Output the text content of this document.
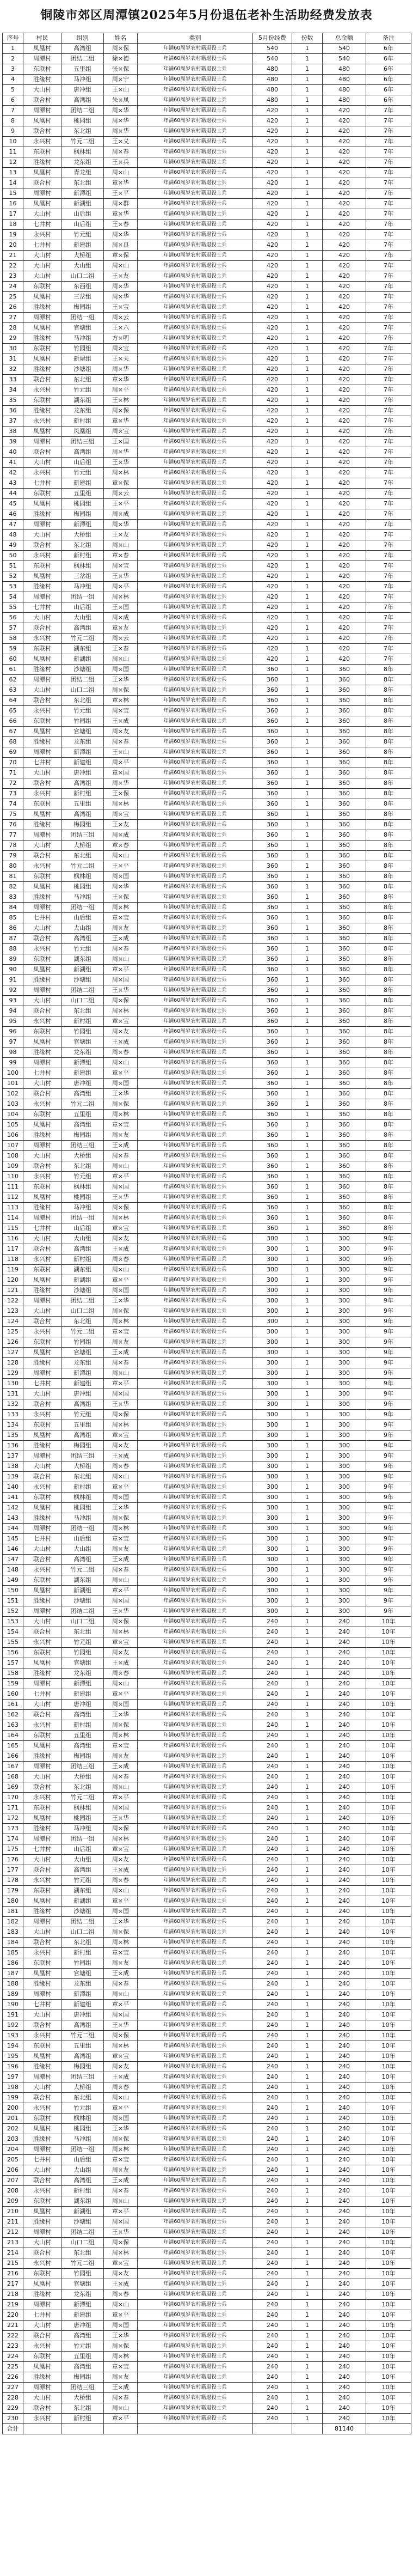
铜陵市郊区周潭镇2025年5月份退伍老补生活助经费发放表
序号	村民	组别	姓名	类别	5月份经费	份数	总金额	备注
1	凤凰村	高湾组	周×保	年满60周岁农村籍退役士兵	540	1	540	6年
2	周潭村	团结二组	徐×德	年满60周岁农村籍退役士兵	540	1	540	6年
3	东联村	五里组	张×保	年满60周岁农村籍退役士兵	480	1	480	6年
4	胜缘村	马冲组	周×宁	年满60周岁农村籍退役士兵	480	1	480	6年
5	大山村	唐冲组	王×山	年满60周岁农村籍退役士兵	480	1	480	6年
6	联合村	高湾组	朱×凤	年满60周岁农村籍退役士兵	480	1	480	6年
7	周潭村	团结二组	周×华	年满60周岁农村籍退役士兵	420	1	420	7年
8	凤凰村	桃园组	周×华	年满60周岁农村籍退役士兵	420	1	420	7年
9	联合村	东北组	周×华	年满60周岁农村籍退役士兵	420	1	420	7年
10	永兴村	竹元二组	王×义	年满60周岁农村籍退役士兵	420	1	420	7年
11	东联村	枫林组	周×春	年满60周岁农村籍退役士兵	420	1	420	7年
12	胜缘村	龙东组	王×兵	年满60周岁农村籍退役士兵	420	1	420	7年
13	凤凰村	青龙组	周×山	年满60周岁农村籍退役士兵	420	1	420	7年
14	联合村	东北组	章×华	年满60周岁农村籍退役士兵	420	1	420	7年
15	周潭村	新潭组	王×平	年满60周岁农村籍退役士兵	420	1	420	7年
16	凤凰村	新湖组	周×群	年满60周岁农村籍退役士兵	420	1	420	7年
17	大山村	山后组	章×华	年满60周岁农村籍退役士兵	420	1	420	7年
18	七井村	山后组	王×春	年满60周岁农村籍退役士兵	420	1	420	7年
19	永兴村	竹元组	周×华	年满60周岁农村籍退役士兵	420	1	420	7年
20	七井村	新建组	周×良	年满60周岁农村籍退役士兵	420	1	420	7年
21	大山村	大桥组	章×保	年满60周岁农村籍退役士兵	420	1	420	7年
22	大山村	大山组	周×山	年满60周岁农村籍退役士兵	420	1	420	7年
23	大山村	山口二组	王×友	年满60周岁农村籍退役士兵	420	1	420	7年
24	东联村	东西组	周×华	年满60周岁农村籍退役士兵	420	1	420	7年
25	凤凰村	三岔组	周×华	年满60周岁农村籍退役士兵	420	1	420	7年
26	胜缘村	梅园组	王×宝	年满60周岁农村籍退役士兵	420	1	420	7年
27	周潭村	团结一组	周×云	年满60周岁农村籍退役士兵	420	1	420	7年
28	凤凰村	官塘组	王×六	年满60周岁农村籍退役士兵	420	1	420	7年
29	胜缘村	马冲组	方×明	年满60周岁农村籍退役士兵	420	1	420	7年
30	东联村	竹园组	周×宝	年满60周岁农村籍退役士兵	420	1	420	7年
31	凤凰村	新屋组	王×夫	年满60周岁农村籍退役士兵	420	1	420	7年
32	胜缘村	沙塘组	周×华	年满60周岁农村籍退役士兵	420	1	420	7年
33	联合村	东北组	章×华	年满60周岁农村籍退役士兵	420	1	420	7年
34	永兴村	竹元组	周×平	年满60周岁农村籍退役士兵	420	1	420	7年
35	东联村	湖东组	王×林	年满60周岁农村籍退役士兵	420	1	420	7年
36	胜缘村	龙东组	周×保	年满60周岁农村籍退役士兵	420	1	420	7年
37	永兴村	新村组	章×华	年满60周岁农村籍退役士兵	420	1	420	7年
38	凤凰村	凤凰组	周×宝	年满60周岁农村籍退役士兵	420	1	420	7年
39	周潭村	团结三组	王×国	年满60周岁农村籍退役士兵	420	1	420	7年
40	联合村	高湾组	周×华	年满60周岁农村籍退役士兵	420	1	420	7年
41	大山村	山后组	王×华	年满60周岁农村籍退役士兵	420	1	420	7年
42	永兴村	竹元组	周×林	年满60周岁农村籍退役士兵	420	1	420	7年
43	七井村	新建组	章×保	年满60周岁农村籍退役士兵	420	1	420	7年
44	东联村	五里组	周×云	年满60周岁农村籍退役士兵	420	1	420	7年
45	凤凰村	桃园组	王×平	年满60周岁农村籍退役士兵	420	1	420	7年
46	胜缘村	梅园组	周×成	年满60周岁农村籍退役士兵	420	1	420	7年
47	周潭村	新潭组	周×华	年满60周岁农村籍退役士兵	420	1	420	7年
48	大山村	大桥组	王×友	年满60周岁农村籍退役士兵	420	1	420	7年
49	联合村	东北组	周×山	年满60周岁农村籍退役士兵	420	1	420	7年
50	永兴村	新村组	章×春	年满60周岁农村籍退役士兵	420	1	420	7年
51	东联村	枫林组	周×宝	年满60周岁农村籍退役士兵	420	1	420	7年
52	凤凰村	三岔组	王×华	年满60周岁农村籍退役士兵	420	1	420	7年
53	胜缘村	马冲组	周×平	年满60周岁农村籍退役士兵	420	1	420	7年
54	周潭村	团结一组	周×林	年满60周岁农村籍退役士兵	420	1	420	7年
55	七井村	山后组	王×国	年满60周岁农村籍退役士兵	420	1	420	7年
56	大山村	大山组	周×成	年满60周岁农村籍退役士兵	420	1	420	7年
57	联合村	高湾组	章×友	年满60周岁农村籍退役士兵	420	1	420	7年
58	永兴村	竹元二组	周×云	年满60周岁农村籍退役士兵	420	1	420	7年
59	东联村	湖东组	王×春	年满60周岁农村籍退役士兵	420	1	420	7年
60	凤凰村	新湖组	周×山	年满60周岁农村籍退役士兵	420	1	420	7年
61	胜缘村	沙塘组	周×国	年满60周岁农村籍退役士兵	360	1	360	8年
62	周潭村	团结二组	王×华	年满60周岁农村籍退役士兵	360	1	360	8年
63	大山村	山口二组	周×保	年满60周岁农村籍退役士兵	360	1	360	8年
64	联合村	东北组	章×林	年满60周岁农村籍退役士兵	360	1	360	8年
65	永兴村	竹元组	周×宝	年满60周岁农村籍退役士兵	360	1	360	8年
66	东联村	竹园组	王×成	年满60周岁农村籍退役士兵	360	1	360	8年
67	凤凰村	官塘组	周×友	年满60周岁农村籍退役士兵	360	1	360	8年
68	胜缘村	龙东组	周×春	年满60周岁农村籍退役士兵	360	1	360	8年
69	周潭村	新潭组	王×山	年满60周岁农村籍退役士兵	360	1	360	8年
70	七井村	新建组	周×平	年满60周岁农村籍退役士兵	360	1	360	8年
71	大山村	唐冲组	章×国	年满60周岁农村籍退役士兵	360	1	360	8年
72	联合村	高湾组	周×华	年满60周岁农村籍退役士兵	360	1	360	8年
73	永兴村	新村组	王×保	年满60周岁农村籍退役士兵	360	1	360	8年
74	东联村	五里组	周×林	年满60周岁农村籍退役士兵	360	1	360	8年
75	凤凰村	高湾组	周×宝	年满60周岁农村籍退役士兵	360	1	360	8年
76	胜缘村	梅园组	王×友	年满60周岁农村籍退役士兵	360	1	360	8年
77	周潭村	团结三组	周×成	年满60周岁农村籍退役士兵	360	1	360	8年
78	大山村	大桥组	章×春	年满60周岁农村籍退役士兵	360	1	360	8年
79	联合村	东北组	周×山	年满60周岁农村籍退役士兵	360	1	360	8年
80	永兴村	竹元二组	王×平	年满60周岁农村籍退役士兵	360	1	360	8年
81	东联村	枫林组	周×国	年满60周岁农村籍退役士兵	360	1	360	8年
82	凤凰村	桃园组	周×华	年满60周岁农村籍退役士兵	360	1	360	8年
83	胜缘村	马冲组	王×保	年满60周岁农村籍退役士兵	360	1	360	8年
84	周潭村	团结一组	周×林	年满60周岁农村籍退役士兵	360	1	360	8年
85	七井村	山后组	章×宝	年满60周岁农村籍退役士兵	360	1	360	8年
86	大山村	大山组	周×友	年满60周岁农村籍退役士兵	360	1	360	8年
87	联合村	高湾组	王×成	年满60周岁农村籍退役士兵	360	1	360	8年
88	永兴村	竹元组	周×春	年满60周岁农村籍退役士兵	360	1	360	8年
89	东联村	湖东组	周×山	年满60周岁农村籍退役士兵	360	1	360	8年
90	凤凰村	新湖组	章×平	年满60周岁农村籍退役士兵	360	1	360	8年
91	胜缘村	沙塘组	周×国	年满60周岁农村籍退役士兵	360	1	360	8年
92	周潭村	团结二组	王×华	年满60周岁农村籍退役士兵	360	1	360	8年
93	大山村	山口二组	周×保	年满60周岁农村籍退役士兵	360	1	360	8年
94	联合村	东北组	周×林	年满60周岁农村籍退役士兵	360	1	360	8年
95	永兴村	新村组	章×宝	年满60周岁农村籍退役士兵	360	1	360	8年
96	东联村	竹园组	周×友	年满60周岁农村籍退役士兵	360	1	360	8年
97	凤凰村	官塘组	王×成	年满60周岁农村籍退役士兵	360	1	360	8年
98	胜缘村	龙东组	周×春	年满60周岁农村籍退役士兵	360	1	360	8年
99	周潭村	新潭组	周×山	年满60周岁农村籍退役士兵	360	1	360	8年
100	七井村	新建组	章×平	年满60周岁农村籍退役士兵	360	1	360	8年
101	大山村	唐冲组	周×国	年满60周岁农村籍退役士兵	360	1	360	8年
102	联合村	高湾组	王×华	年满60周岁农村籍退役士兵	360	1	360	8年
103	永兴村	竹元二组	周×保	年满60周岁农村籍退役士兵	360	1	360	8年
104	东联村	五里组	周×林	年满60周岁农村籍退役士兵	360	1	360	8年
105	凤凰村	高湾组	章×宝	年满60周岁农村籍退役士兵	360	1	360	8年
106	胜缘村	梅园组	周×友	年满60周岁农村籍退役士兵	360	1	360	8年
107	周潭村	团结三组	王×成	年满60周岁农村籍退役士兵	360	1	360	8年
108	大山村	大桥组	周×春	年满60周岁农村籍退役士兵	360	1	360	8年
109	联合村	东北组	周×山	年满60周岁农村籍退役士兵	360	1	360	8年
110	永兴村	竹元组	章×平	年满60周岁农村籍退役士兵	360	1	360	8年
111	东联村	枫林组	周×国	年满60周岁农村籍退役士兵	360	1	360	8年
112	凤凰村	桃园组	王×华	年满60周岁农村籍退役士兵	360	1	360	8年
113	胜缘村	马冲组	周×保	年满60周岁农村籍退役士兵	360	1	360	8年
114	周潭村	团结一组	周×林	年满60周岁农村籍退役士兵	360	1	360	8年
115	七井村	山后组	章×宝	年满60周岁农村籍退役士兵	360	1	360	8年
116	大山村	大山组	周×友	年满60周岁农村籍退役士兵	300	1	300	9年
117	联合村	高湾组	王×成	年满60周岁农村籍退役士兵	300	1	300	9年
118	永兴村	新村组	周×春	年满60周岁农村籍退役士兵	300	1	300	9年
119	东联村	湖东组	周×山	年满60周岁农村籍退役士兵	300	1	300	9年
120	凤凰村	新湖组	章×平	年满60周岁农村籍退役士兵	300	1	300	9年
121	胜缘村	沙塘组	周×国	年满60周岁农村籍退役士兵	300	1	300	9年
122	周潭村	团结二组	王×华	年满60周岁农村籍退役士兵	300	1	300	9年
123	大山村	山口二组	周×保	年满60周岁农村籍退役士兵	300	1	300	9年
124	联合村	东北组	周×林	年满60周岁农村籍退役士兵	300	1	300	9年
125	永兴村	竹元二组	章×宝	年满60周岁农村籍退役士兵	300	1	300	9年
126	东联村	竹园组	周×友	年满60周岁农村籍退役士兵	300	1	300	9年
127	凤凰村	官塘组	王×成	年满60周岁农村籍退役士兵	300	1	300	9年
128	胜缘村	龙东组	周×春	年满60周岁农村籍退役士兵	300	1	300	9年
129	周潭村	新潭组	周×山	年满60周岁农村籍退役士兵	300	1	300	9年
130	七井村	新建组	章×平	年满60周岁农村籍退役士兵	300	1	300	9年
131	大山村	唐冲组	周×国	年满60周岁农村籍退役士兵	300	1	300	9年
132	联合村	高湾组	王×华	年满60周岁农村籍退役士兵	300	1	300	9年
133	永兴村	竹元组	周×保	年满60周岁农村籍退役士兵	300	1	300	9年
134	东联村	五里组	周×林	年满60周岁农村籍退役士兵	300	1	300	9年
135	凤凰村	高湾组	章×宝	年满60周岁农村籍退役士兵	300	1	300	9年
136	胜缘村	梅园组	周×友	年满60周岁农村籍退役士兵	300	1	300	9年
137	周潭村	团结三组	王×成	年满60周岁农村籍退役士兵	300	1	300	9年
138	大山村	大桥组	周×春	年满60周岁农村籍退役士兵	300	1	300	9年
139	联合村	东北组	周×山	年满60周岁农村籍退役士兵	300	1	300	9年
140	永兴村	新村组	章×平	年满60周岁农村籍退役士兵	300	1	300	9年
141	东联村	枫林组	周×国	年满60周岁农村籍退役士兵	300	1	300	9年
142	凤凰村	桃园组	王×华	年满60周岁农村籍退役士兵	300	1	300	9年
143	胜缘村	马冲组	周×保	年满60周岁农村籍退役士兵	300	1	300	9年
144	周潭村	团结一组	周×林	年满60周岁农村籍退役士兵	300	1	300	9年
145	七井村	山后组	章×宝	年满60周岁农村籍退役士兵	300	1	300	9年
146	大山村	大山组	周×友	年满60周岁农村籍退役士兵	300	1	300	9年
147	联合村	高湾组	王×成	年满60周岁农村籍退役士兵	300	1	300	9年
148	永兴村	竹元二组	周×春	年满60周岁农村籍退役士兵	300	1	300	9年
149	东联村	湖东组	周×山	年满60周岁农村籍退役士兵	300	1	300	9年
150	凤凰村	新湖组	章×平	年满60周岁农村籍退役士兵	300	1	300	9年
151	胜缘村	沙塘组	周×国	年满60周岁农村籍退役士兵	300	1	300	9年
152	周潭村	团结二组	王×华	年满60周岁农村籍退役士兵	300	1	300	9年
153	大山村	山口二组	周×保	年满60周岁农村籍退役士兵	240	1	240	10年
154	联合村	东北组	周×林	年满60周岁农村籍退役士兵	240	1	240	10年
155	永兴村	竹元组	章×宝	年满60周岁农村籍退役士兵	240	1	240	10年
156	东联村	竹园组	周×友	年满60周岁农村籍退役士兵	240	1	240	10年
157	凤凰村	官塘组	王×成	年满60周岁农村籍退役士兵	240	1	240	10年
158	胜缘村	龙东组	周×春	年满60周岁农村籍退役士兵	240	1	240	10年
159	周潭村	新潭组	周×山	年满60周岁农村籍退役士兵	240	1	240	10年
160	七井村	新建组	章×平	年满60周岁农村籍退役士兵	240	1	240	10年
161	大山村	唐冲组	周×国	年满60周岁农村籍退役士兵	240	1	240	10年
162	联合村	高湾组	王×华	年满60周岁农村籍退役士兵	240	1	240	10年
163	永兴村	新村组	周×保	年满60周岁农村籍退役士兵	240	1	240	10年
164	东联村	五里组	周×林	年满60周岁农村籍退役士兵	240	1	240	10年
165	凤凰村	高湾组	章×宝	年满60周岁农村籍退役士兵	240	1	240	10年
166	胜缘村	梅园组	周×友	年满60周岁农村籍退役士兵	240	1	240	10年
167	周潭村	团结三组	王×成	年满60周岁农村籍退役士兵	240	1	240	10年
168	大山村	大桥组	周×春	年满60周岁农村籍退役士兵	240	1	240	10年
169	联合村	东北组	周×山	年满60周岁农村籍退役士兵	240	1	240	10年
170	永兴村	竹元二组	章×平	年满60周岁农村籍退役士兵	240	1	240	10年
171	东联村	枫林组	周×国	年满60周岁农村籍退役士兵	240	1	240	10年
172	凤凰村	桃园组	王×华	年满60周岁农村籍退役士兵	240	1	240	10年
173	胜缘村	马冲组	周×保	年满60周岁农村籍退役士兵	240	1	240	10年
174	周潭村	团结一组	周×林	年满60周岁农村籍退役士兵	240	1	240	10年
175	七井村	山后组	章×宝	年满60周岁农村籍退役士兵	240	1	240	10年
176	大山村	大山组	周×友	年满60周岁农村籍退役士兵	240	1	240	10年
177	联合村	高湾组	王×成	年满60周岁农村籍退役士兵	240	1	240	10年
178	永兴村	竹元组	周×春	年满60周岁农村籍退役士兵	240	1	240	10年
179	东联村	湖东组	周×山	年满60周岁农村籍退役士兵	240	1	240	10年
180	凤凰村	新湖组	章×平	年满60周岁农村籍退役士兵	240	1	240	10年
181	胜缘村	沙塘组	周×国	年满60周岁农村籍退役士兵	240	1	240	10年
182	周潭村	团结二组	王×华	年满60周岁农村籍退役士兵	240	1	240	10年
183	大山村	山口二组	周×保	年满60周岁农村籍退役士兵	240	1	240	10年
184	联合村	东北组	周×林	年满60周岁农村籍退役士兵	240	1	240	10年
185	永兴村	新村组	章×宝	年满60周岁农村籍退役士兵	240	1	240	10年
186	东联村	竹园组	周×友	年满60周岁农村籍退役士兵	240	1	240	10年
187	凤凰村	官塘组	王×成	年满60周岁农村籍退役士兵	240	1	240	10年
188	胜缘村	龙东组	周×春	年满60周岁农村籍退役士兵	240	1	240	10年
189	周潭村	新潭组	周×山	年满60周岁农村籍退役士兵	240	1	240	10年
190	七井村	新建组	章×平	年满60周岁农村籍退役士兵	240	1	240	10年
191	大山村	唐冲组	周×国	年满60周岁农村籍退役士兵	240	1	240	10年
192	联合村	高湾组	王×华	年满60周岁农村籍退役士兵	240	1	240	10年
193	永兴村	竹元二组	周×保	年满60周岁农村籍退役士兵	240	1	240	10年
194	东联村	五里组	周×林	年满60周岁农村籍退役士兵	240	1	240	10年
195	凤凰村	高湾组	章×宝	年满60周岁农村籍退役士兵	240	1	240	10年
196	胜缘村	梅园组	周×友	年满60周岁农村籍退役士兵	240	1	240	10年
197	周潭村	团结三组	王×成	年满60周岁农村籍退役士兵	240	1	240	10年
198	大山村	大桥组	周×春	年满60周岁农村籍退役士兵	240	1	240	10年
199	联合村	东北组	周×山	年满60周岁农村籍退役士兵	240	1	240	10年
200	永兴村	竹元组	章×平	年满60周岁农村籍退役士兵	240	1	240	10年
201	东联村	枫林组	周×国	年满60周岁农村籍退役士兵	240	1	240	10年
202	凤凰村	桃园组	王×华	年满60周岁农村籍退役士兵	240	1	240	10年
203	胜缘村	马冲组	周×保	年满60周岁农村籍退役士兵	240	1	240	10年
204	周潭村	团结一组	周×林	年满60周岁农村籍退役士兵	240	1	240	10年
205	七井村	山后组	章×宝	年满60周岁农村籍退役士兵	240	1	240	10年
206	大山村	大山组	周×友	年满60周岁农村籍退役士兵	240	1	240	10年
207	联合村	高湾组	王×成	年满60周岁农村籍退役士兵	240	1	240	10年
208	永兴村	新村组	周×春	年满60周岁农村籍退役士兵	240	1	240	10年
209	东联村	湖东组	周×山	年满60周岁农村籍退役士兵	240	1	240	10年
210	凤凰村	新湖组	章×平	年满60周岁农村籍退役士兵	240	1	240	10年
211	胜缘村	沙塘组	周×国	年满60周岁农村籍退役士兵	240	1	240	10年
212	周潭村	团结二组	王×华	年满60周岁农村籍退役士兵	240	1	240	10年
213	大山村	山口二组	周×保	年满60周岁农村籍退役士兵	240	1	240	10年
214	联合村	东北组	周×林	年满60周岁农村籍退役士兵	240	1	240	10年
215	永兴村	竹元二组	章×宝	年满60周岁农村籍退役士兵	240	1	240	10年
216	东联村	竹园组	周×友	年满60周岁农村籍退役士兵	240	1	240	10年
217	凤凰村	官塘组	王×成	年满60周岁农村籍退役士兵	240	1	240	10年
218	胜缘村	龙东组	周×春	年满60周岁农村籍退役士兵	240	1	240	10年
219	周潭村	新潭组	周×山	年满60周岁农村籍退役士兵	240	1	240	10年
220	七井村	新建组	章×平	年满60周岁农村籍退役士兵	240	1	240	10年
221	大山村	唐冲组	周×国	年满60周岁农村籍退役士兵	240	1	240	10年
222	联合村	高湾组	王×华	年满60周岁农村籍退役士兵	240	1	240	10年
223	永兴村	竹元组	周×保	年满60周岁农村籍退役士兵	240	1	240	10年
224	东联村	五里组	周×林	年满60周岁农村籍退役士兵	240	1	240	10年
225	凤凰村	高湾组	章×宝	年满60周岁农村籍退役士兵	240	1	240	10年
226	胜缘村	梅园组	周×友	年满60周岁农村籍退役士兵	240	1	240	10年
227	周潭村	团结三组	王×成	年满60周岁农村籍退役士兵	240	1	240	10年
228	大山村	大桥组	周×春	年满60周岁农村籍退役士兵	240	1	240	10年
229	联合村	东北组	周×山	年满60周岁农村籍退役士兵	240	1	240	10年
230	永兴村	新村组	章×平	年满60周岁农村籍退役士兵	240	1	240	10年
合计							81140	
